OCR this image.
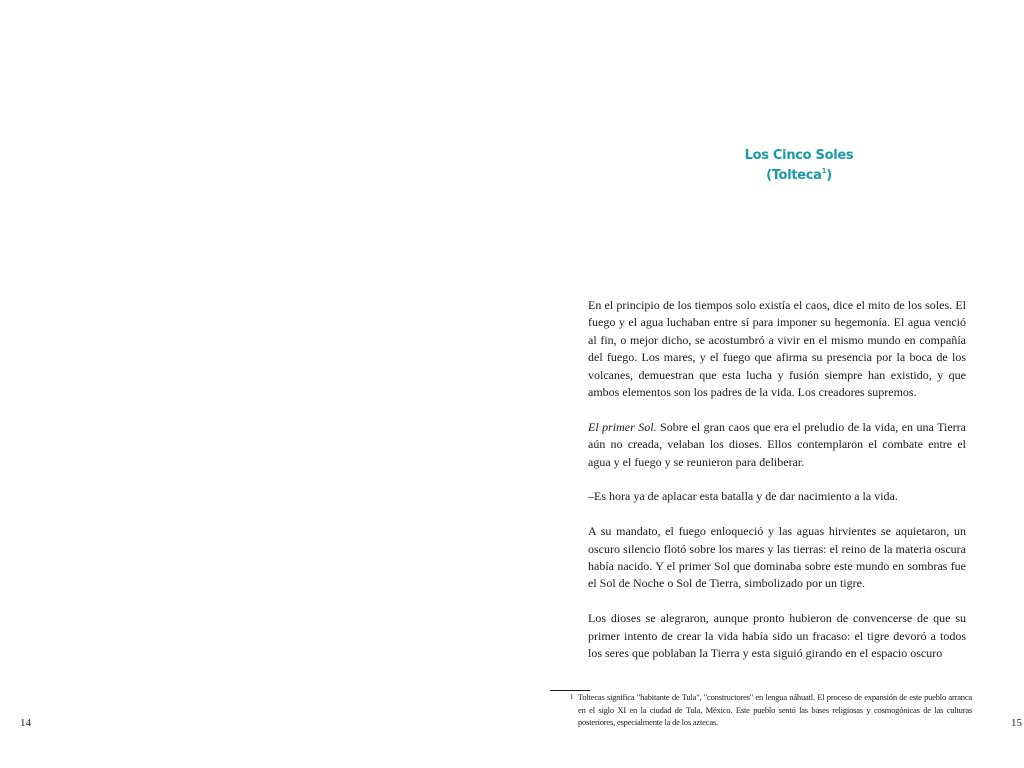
14
Los Cinco Soles
(Tolteca$^1$)

En el principio de los tiempos solo existía el caos, dice el mito de los soles. El fuego y el agua luchaban entre sí para imponer su hegemonía. El agua venció al fin, o mejor dicho, se acostumbró a vivir en el mismo mundo en compañía del fuego. Los mares, y el fuego que afirma su presencia por la boca de los volcanes, demuestran que esta lucha y fusión siempre han existido, y que ambos elementos son los padres de la vida. Los creadores supremos.

El primer Sol. Sobre el gran caos que era el preludio de la vida, en una Tierra aún no creada, velaban los dioses. Ellos contemplaron el combate entre el agua y el fuego y se reunieron para deliberar.

–Es hora ya de aplacar esta batalla y de dar nacimiento a la vida.

A su mandato, el fuego enloqueció y las aguas hirvientes se aquietaron, un oscuro silencio flotó sobre los mares y las tierras: el reino de la materia oscura había nacido. Y el primer Sol que dominaba sobre este mundo en sombras fue el Sol de Noche o Sol de Tierra, simbolizado por un tigre.

Los dioses se alegraron, aunque pronto hubieron de convencerse de que su primer intento de crear la vida había sido un fracaso: el tigre devoró a todos los seres que poblaban la Tierra y esta siguió girando en el espacio oscuro

1 Toltecas significa "habitante de Tula", "constructores" en lengua náhuatl. El proceso de expansión de este pueblo arranca en el siglo XI en la ciudad de Tula, México. Este pueblo sentó las bases religiosas y cosmogónicas de las culturas posteriores, especialmente la de los aztecas.	15
